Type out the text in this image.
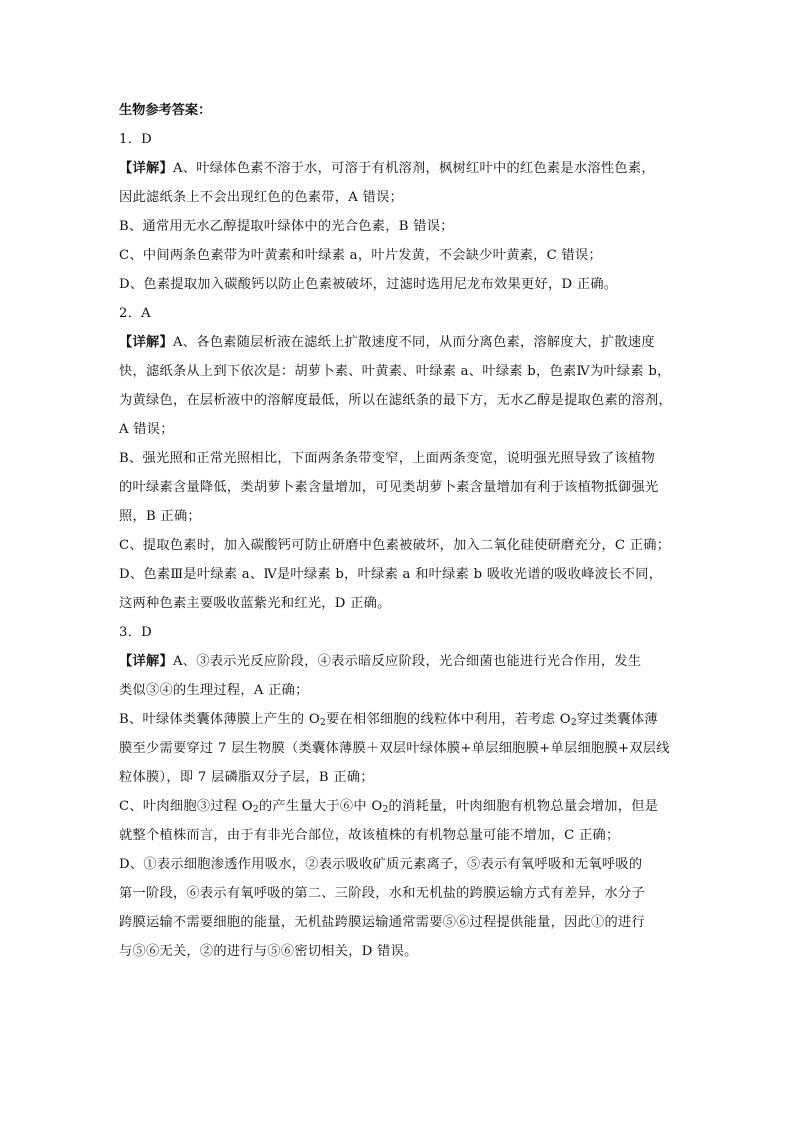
生物参考答案：
1．D
【详解】A、叶绿体色素不溶于水，可溶于有机溶剂，枫树红叶中的红色素是水溶性色素，
因此滤纸条上不会出现红色的色素带，A 错误；
B、通常用无水乙醇提取叶绿体中的光合色素，B 错误；
C、中间两条色素带为叶黄素和叶绿素 a，叶片发黄，不会缺少叶黄素，C 错误；
D、色素提取加入碳酸钙以防止色素被破坏，过滤时选用尼龙布效果更好，D 正确。
2．A
【详解】A、各色素随层析液在滤纸上扩散速度不同，从而分离色素，溶解度大，扩散速度
快，滤纸条从上到下依次是：胡萝卜素、叶黄素、叶绿素 a、叶绿素 b，色素Ⅳ为叶绿素 b，
为黄绿色，在层析液中的溶解度最低，所以在滤纸条的最下方，无水乙醇是提取色素的溶剂，
A 错误；
B、强光照和正常光照相比，下面两条条带变窄，上面两条变宽，说明强光照导致了该植物
的叶绿素含量降低，类胡萝卜素含量增加，可见类胡萝卜素含量增加有利于该植物抵御强光
照，B 正确；
C、提取色素时，加入碳酸钙可防止研磨中色素被破坏，加入二氧化硅使研磨充分，C 正确；
D、色素Ⅲ是叶绿素 a、Ⅳ是叶绿素 b，叶绿素 a 和叶绿素 b 吸收光谱的吸收峰波长不同，
这两种色素主要吸收蓝紫光和红光，D 正确。
3．D
【详解】A、③表示光反应阶段，④表示暗反应阶段，光合细菌也能进行光合作用，发生
类似③④的生理过程，A 正确；
B、叶绿体类囊体薄膜上产生的 $O_2$要在相邻细胞的线粒体中利用，若考虑 $O_2$穿过类囊体薄
膜至少需要穿过 7 层生物膜（类囊体薄膜＋双层叶绿体膜+单层细胞膜+单层细胞膜+双层线
粒体膜），即 7 层磷脂双分子层，B 正确；
C、叶肉细胞③过程 $O_2$的产生量大于⑥中 $O_2$的消耗量，叶肉细胞有机物总量会增加，但是
就整个植株而言，由于有非光合部位，故该植株的有机物总量可能不增加，C 正确；
D、①表示细胞渗透作用吸水，②表示吸收矿质元素离子，⑤表示有氧呼吸和无氧呼吸的
第一阶段，⑥表示有氧呼吸的第二、三阶段，水和无机盐的跨膜运输方式有差异，水分子
跨膜运输不需要细胞的能量，无机盐跨膜运输通常需要⑤⑥过程提供能量，因此①的进行
与⑤⑥无关，②的进行与⑤⑥密切相关，D 错误。
